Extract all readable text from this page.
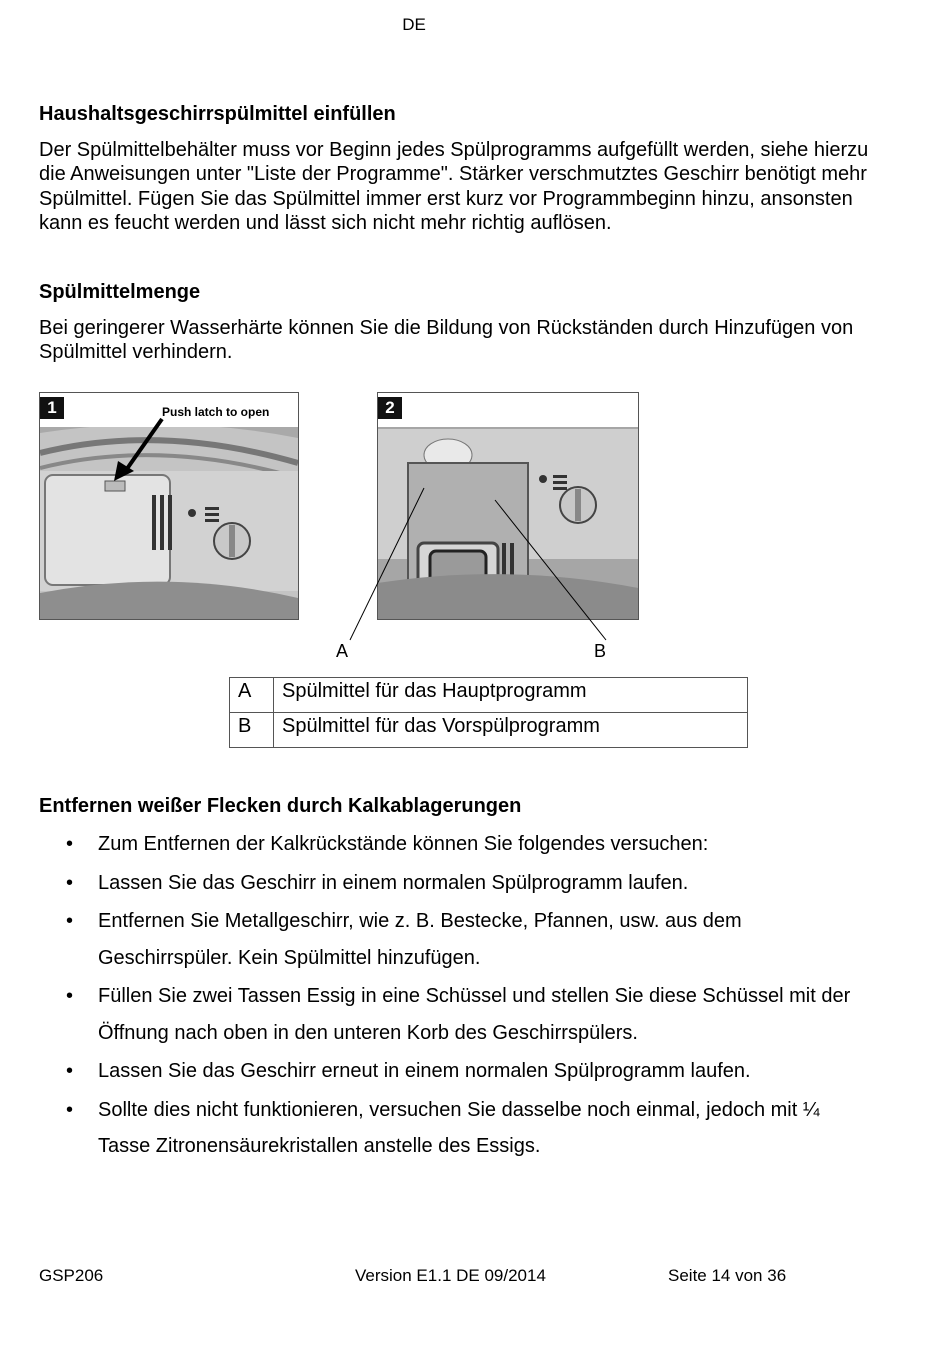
DE
Haushaltsgeschirrspülmittel einfüllen

Der Spülmittelbehälter muss vor Beginn jedes Spülprogramms aufgefüllt werden, siehe hierzu die Anweisungen unter "Liste der Programme". Stärker verschmutztes Geschirr benötigt mehr Spülmittel. Fügen Sie das Spülmittel immer erst kurz vor Programmbeginn hinzu, ansonsten kann es feucht werden und lässt sich nicht mehr richtig auflösen.

Spülmittelmenge

Bei geringerer Wasserhärte können Sie die Bildung von Rückständen durch Hinzufügen von Spülmittel verhindern.

1	Push latch to open	2
A	B
A	Spülmittel für das Hauptprogramm
B	Spülmittel für das Vorspülprogramm
Entfernen weißer Flecken durch Kalkablagerungen
• Zum Entfernen der Kalkrückstände können Sie folgendes versuchen:
• Lassen Sie das Geschirr in einem normalen Spülprogramm laufen.
• Entfernen Sie Metallgeschirr, wie z. B. Bestecke, Pfannen, usw. aus dem Geschirrspüler. Kein Spülmittel hinzufügen.
• Füllen Sie zwei Tassen Essig in eine Schüssel und stellen Sie diese Schüssel mit der Öffnung nach oben in den unteren Korb des Geschirrspülers.
• Lassen Sie das Geschirr erneut in einem normalen Spülprogramm laufen.
• Sollte dies nicht funktionieren, versuchen Sie dasselbe noch einmal, jedoch mit ¼ Tasse Zitronensäurekristallen anstelle des Essigs.
GSP206	Version E1.1 DE 09/2014	Seite 14 von 36
